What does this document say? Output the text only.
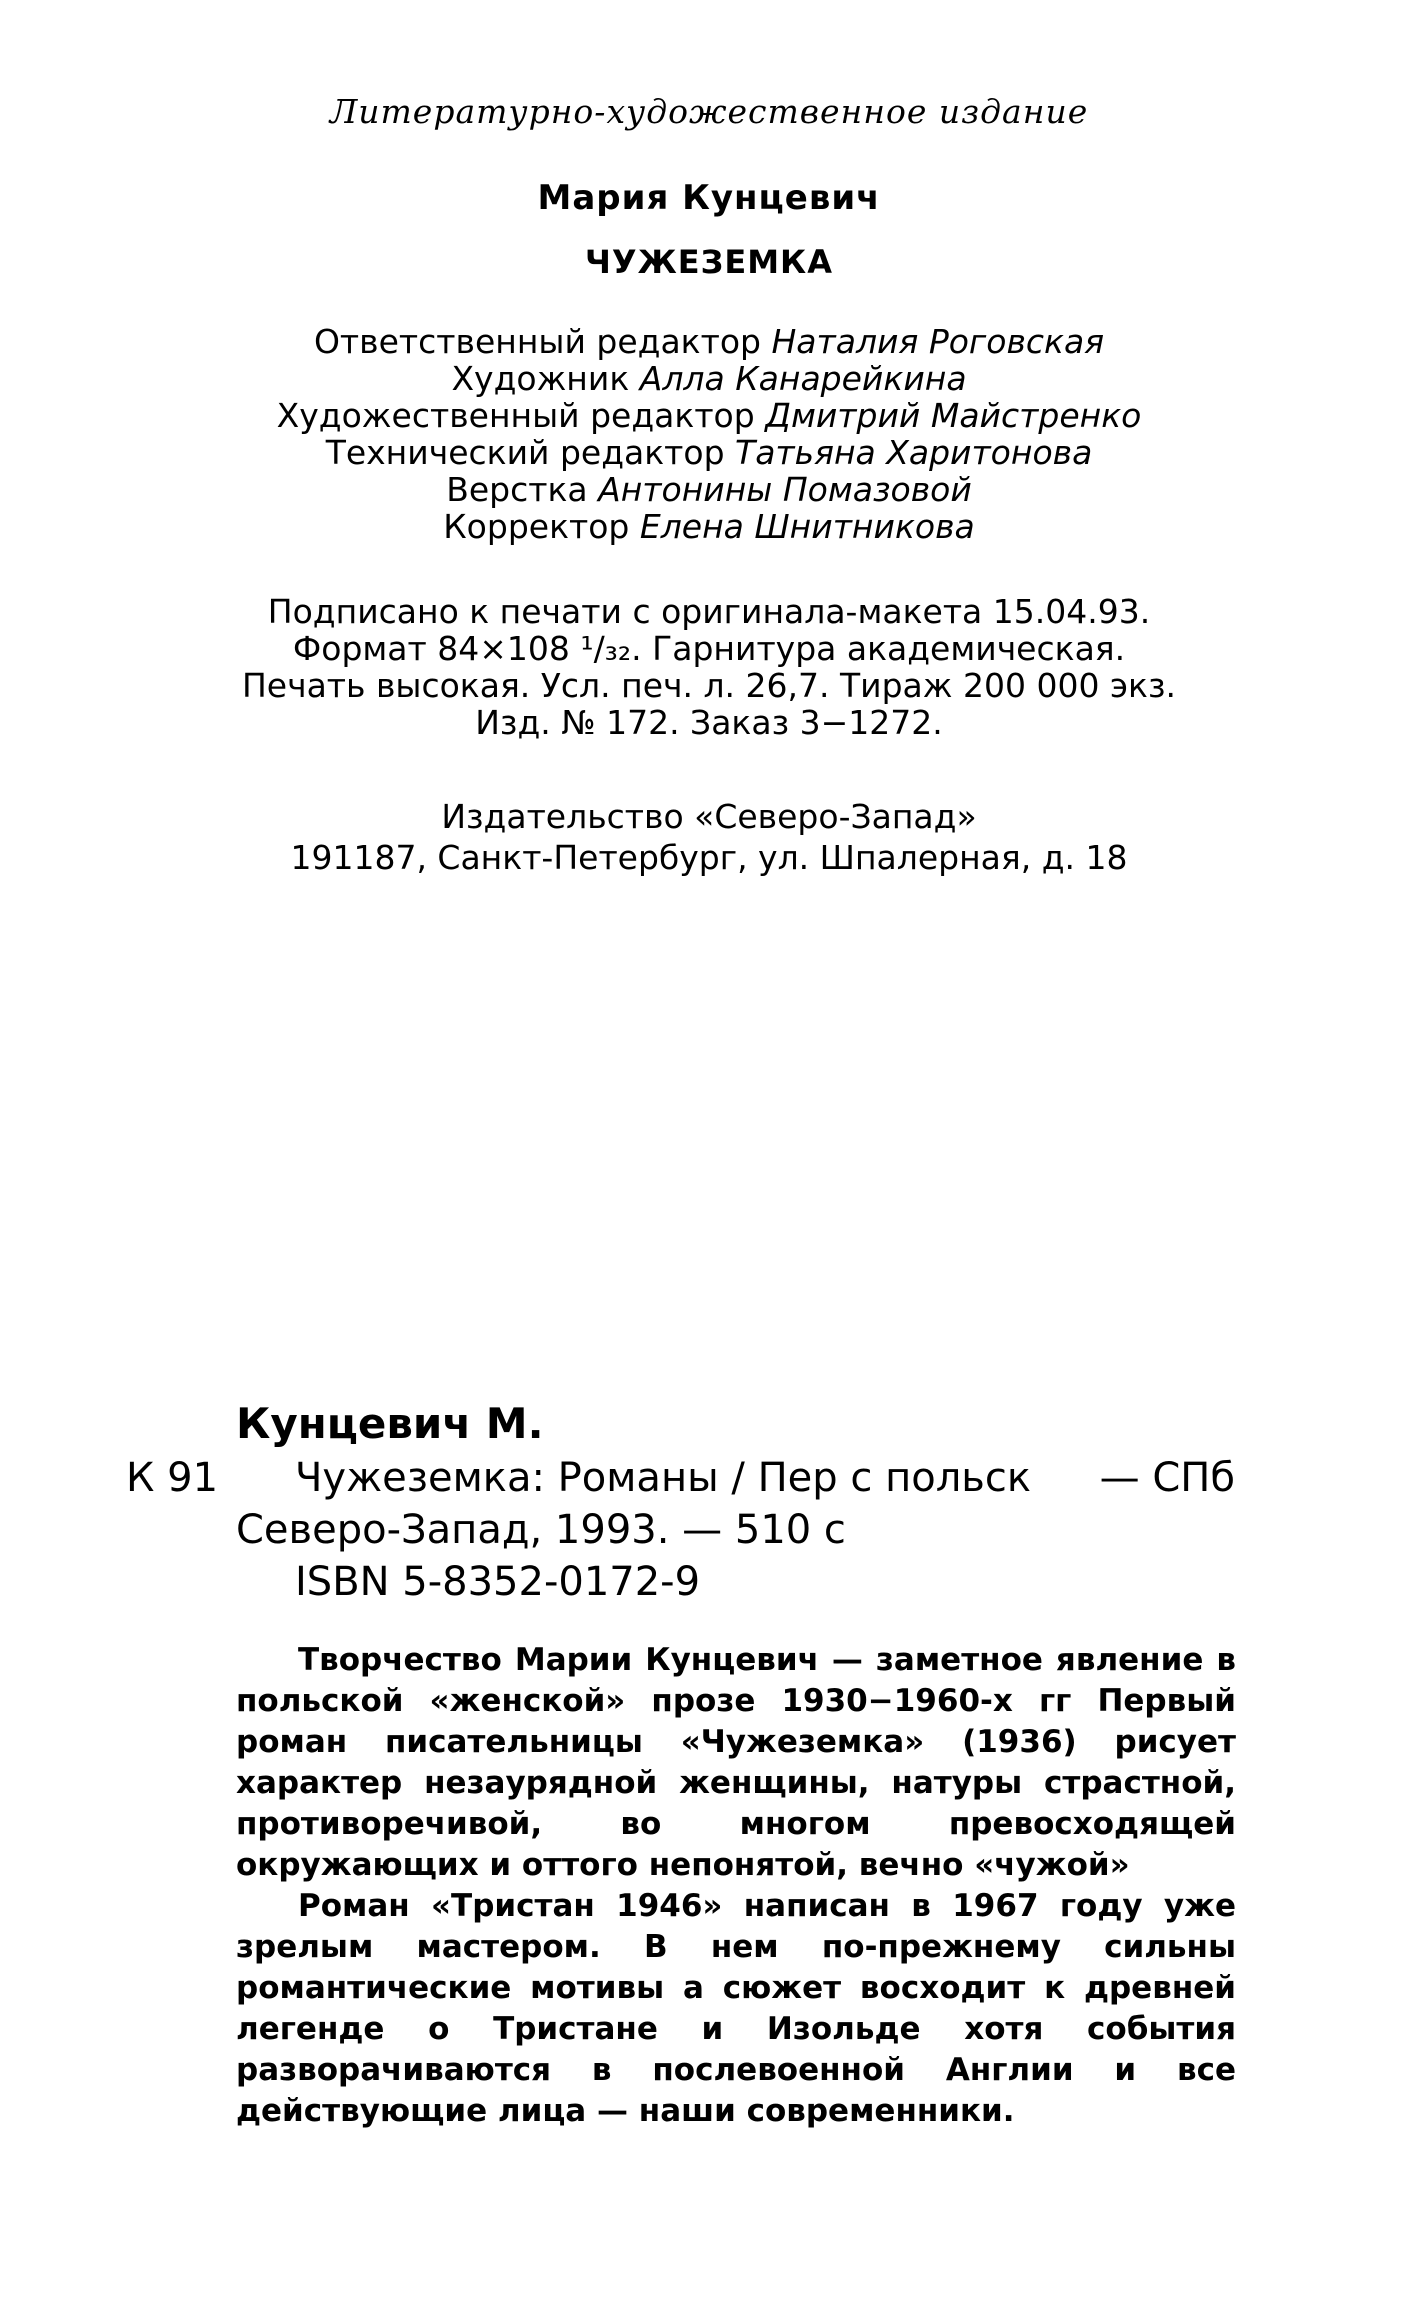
Литературно-художественное издание
Мария Кунцевич
ЧУЖЕЗЕМКА
Ответственный редактор Наталия Роговская
Художник Алла Канарейкина
Художественный редактор Дмитрий Майстренко
Технический редактор Татьяна Харитонова
Верстка Антонины Помазовой
Корректор Елена Шнитникова
Подписано к печати с оригинала-макета 15.04.93.
Формат 84×108 ¹/₃₂. Гарнитура академическая.
Печать высокая. Усл. печ. л. 26,7. Тираж 200 000 экз.
Изд. № 172. Заказ 3−1272.
Издательство «Северо-Запад»
191187, Санкт-Петербург, ул. Шпалерная, д. 18
Кунцевич М.
К 91 Чужеземка: Романы / Пер с польск — СПб
Северо-Запад, 1993. — 510 с
ISBN 5-8352-0172-9

Творчество Марии Кунцевич — заметное явление в польской «женской» прозе 1930−1960-х гг Первый роман писательницы «Чужеземка» (1936) рисует характер незаурядной женщины, натуры страстной, противоречивой, во многом превосходящей окружающих и оттого непонятой, вечно «чужой»

Роман «Тристан 1946» написан в 1967 году уже зрелым мастером. В нем по-прежнему сильны романтические мотивы а сюжет восходит к древней легенде о Тристане и Изольде хотя события разворачиваются в послевоенной Англии и все действующие лица — наши современники.
